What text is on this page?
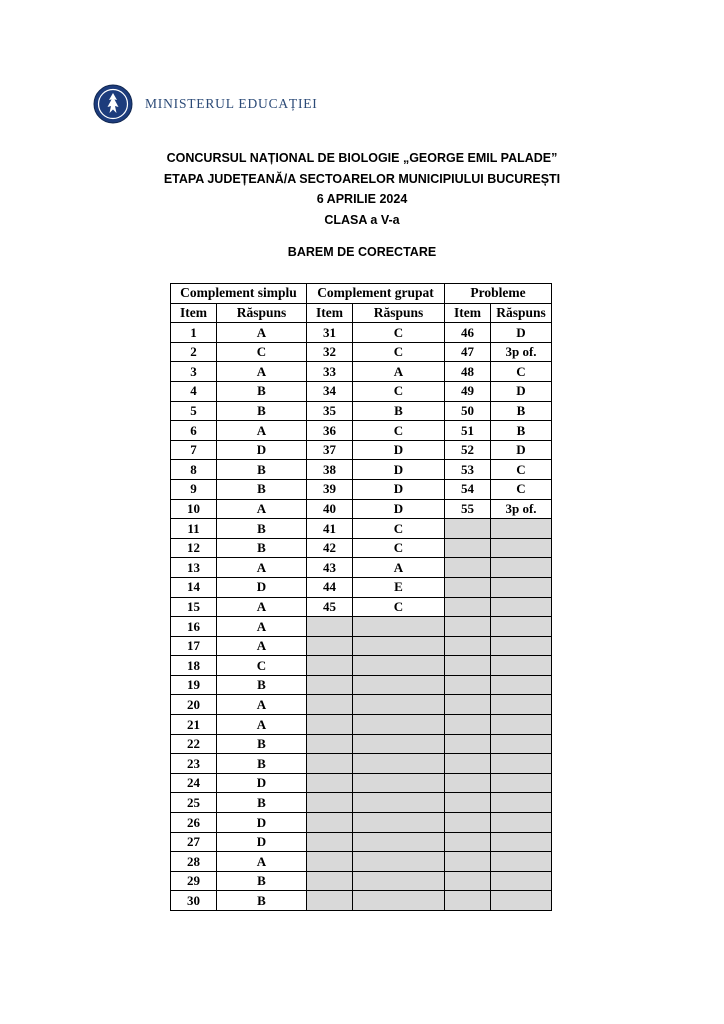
MINISTERUL EDUCAȚIEI
CONCURSUL NAȚIONAL DE BIOLOGIE „GEORGE EMIL PALADE”
ETAPA JUDEȚEANĂ/A SECTOARELOR MUNICIPIULUI BUCUREȘTI
6 APRILIE 2024
CLASA a V-a
BAREM DE CORECTARE
Complement simplu		Complement grupat		Probleme	
Item	Răspuns	Item	Răspuns	Item	Răspuns
1	A	31	C	46	D
2	C	32	C	47	3p of.
3	A	33	A	48	C
4	B	34	C	49	D
5	B	35	B	50	B
6	A	36	C	51	B
7	D	37	D	52	D
8	B	38	D	53	C
9	B	39	D	54	C
10	A	40	D	55	3p of.
11	B	41	C		
12	B	42	C		
13	A	43	A		
14	D	44	E		
15	A	45	C		
16	A				
17	A				
18	C				
19	B				
20	A				
21	A				
22	B				
23	B				
24	D				
25	B				
26	D				
27	D				
28	A				
29	B				
30	B				
